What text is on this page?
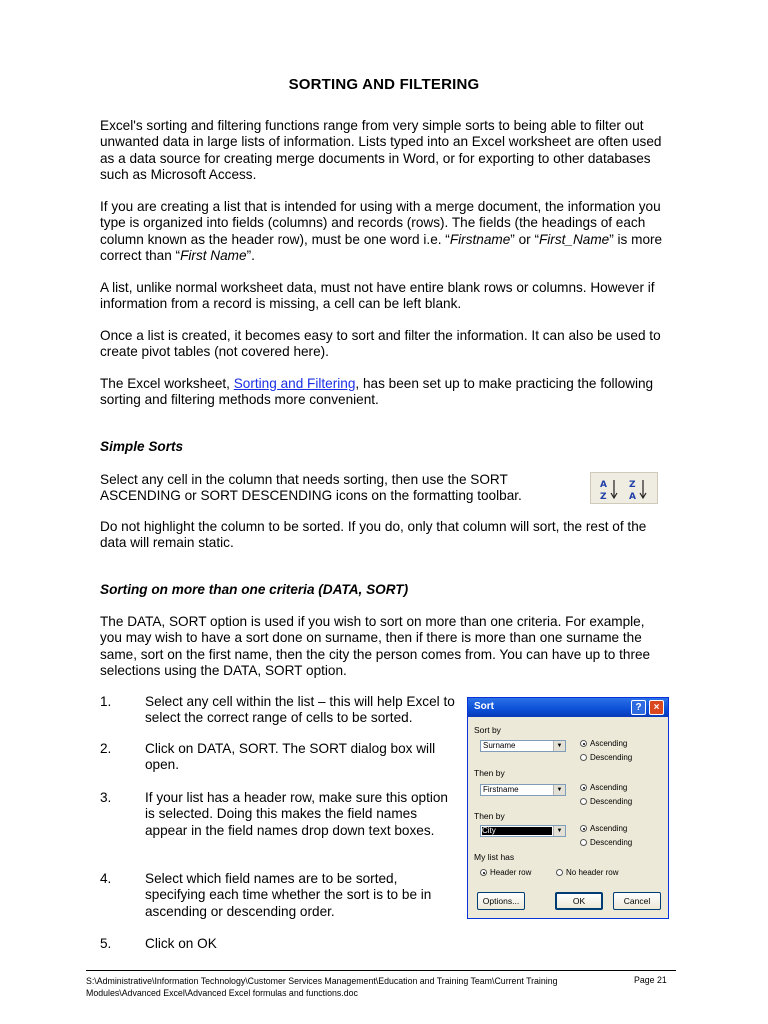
SORTING AND FILTERING

Excel's sorting and filtering functions range from very simple sorts to being able to filter out unwanted data in large lists of information. Lists typed into an Excel worksheet are often used as a data source for creating merge documents in Word, or for exporting to other databases such as Microsoft Access.

If you are creating a list that is intended for using with a merge document, the information you type is organized into fields (columns) and records (rows). The fields (the headings of each column known as the header row), must be one word i.e. “Firstname” or “First_Name” is more correct than “First Name”.

A list, unlike normal worksheet data, must not have entire blank rows or columns. However if information from a record is missing, a cell can be left blank.

Once a list is created, it becomes easy to sort and filter the information. It can also be used to create pivot tables (not covered here).

The Excel worksheet, Sorting and Filtering, has been set up to make practicing the following sorting and filtering methods more convenient.

Simple Sorts

Select any cell in the column that needs sorting, then use the SORT ASCENDING or SORT DESCENDING icons on the formatting toolbar.

A
Z
Z
A

Do not highlight the column to be sorted. If you do, only that column will sort, the rest of the data will remain static.

Sorting on more than one criteria (DATA, SORT)

The DATA, SORT option is used if you wish to sort on more than one criteria. For example, you may wish to have a sort done on surname, then if there is more than one surname the same, sort on the first name, then the city the person comes from. You can have up to three selections using the DATA, SORT option.

1. Select any cell within the list – this will help Excel to select the correct range of cells to be sorted.
2. Click on DATA, SORT. The SORT dialog box will open.
3. If your list has a header row, make sure this option is selected. Doing this makes the field names appear in the field names drop down text boxes.
4. Select which field names are to be sorted, specifying each time whether the sort is to be in ascending or descending order.
5. Click on OK
Sort	?	×
Sort by
Surname	▼	Ascending
Descending
Then by
Firstname	▼	Ascending
Descending
Then by
City	▼	Ascending
Descending
My list has
Header row	No header row
Options...	OK	Cancel
S:\Administrative\Information Technology\Customer Services Management\Education and Training Team\Current Training Modules\Advanced Excel\Advanced Excel formulas and functions.doc
Page 21
